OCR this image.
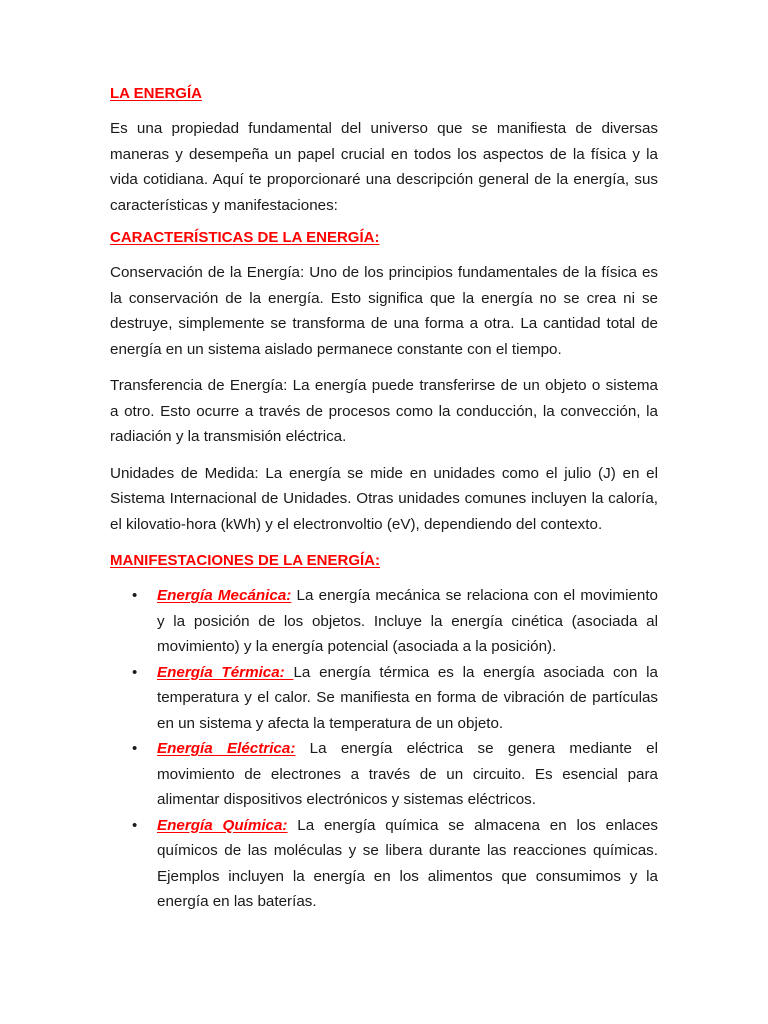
LA ENERGÍA

Es una propiedad fundamental del universo que se manifiesta de diversas maneras y desempeña un papel crucial en todos los aspectos de la física y la vida cotidiana. Aquí te proporcionaré una descripción general de la energía, sus características y manifestaciones:

CARACTERÍSTICAS DE LA ENERGÍA:

Conservación de la Energía: Uno de los principios fundamentales de la física es la conservación de la energía. Esto significa que la energía no se crea ni se destruye, simplemente se transforma de una forma a otra. La cantidad total de energía en un sistema aislado permanece constante con el tiempo.

Transferencia de Energía: La energía puede transferirse de un objeto o sistema a otro. Esto ocurre a través de procesos como la conducción, la convección, la radiación y la transmisión eléctrica.

Unidades de Medida: La energía se mide en unidades como el julio (J) en el Sistema Internacional de Unidades. Otras unidades comunes incluyen la caloría, el kilovatio-hora (kWh) y el electronvoltio (eV), dependiendo del contexto.

MANIFESTACIONES DE LA ENERGÍA:
• Energía Mecánica: La energía mecánica se relaciona con el movimiento y la posición de los objetos. Incluye la energía cinética (asociada al movimiento) y la energía potencial (asociada a la posición).
• Energía Térmica: La energía térmica es la energía asociada con la temperatura y el calor. Se manifiesta en forma de vibración de partículas en un sistema y afecta la temperatura de un objeto.
• Energía Eléctrica: La energía eléctrica se genera mediante el movimiento de electrones a través de un circuito. Es esencial para alimentar dispositivos electrónicos y sistemas eléctricos.
• Energía Química: La energía química se almacena en los enlaces químicos de las moléculas y se libera durante las reacciones químicas. Ejemplos incluyen la energía en los alimentos que consumimos y la energía en las baterías.
